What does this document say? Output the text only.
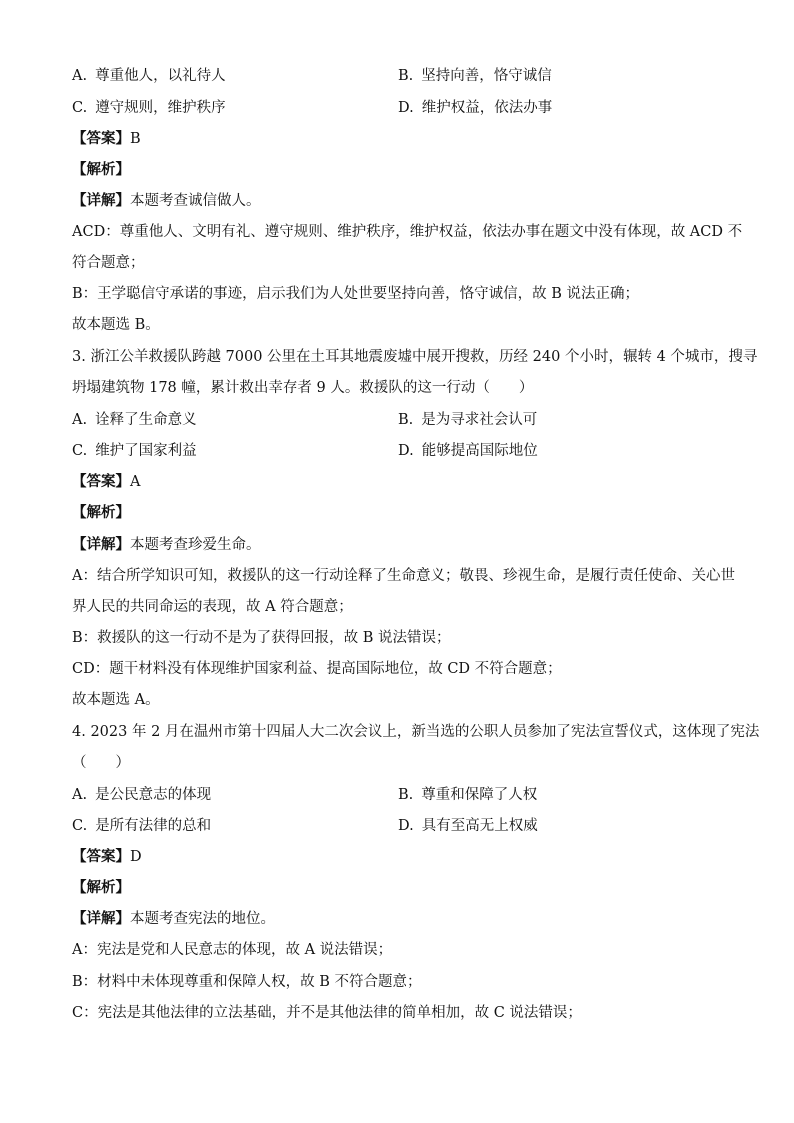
A. 尊重他人，以礼待人	B. 坚持向善，恪守诚信
C. 遵守规则，维护秩序	D. 维护权益，依法办事
【答案】B
【解析】
【详解】本题考查诚信做人。
ACD：尊重他人、文明有礼、遵守规则、维护秩序，维护权益，依法办事在题文中没有体现，故 ACD 不
符合题意；
B：王学聪信守承诺的事迹，启示我们为人处世要坚持向善，恪守诚信，故 B 说法正确；
故本题选 B。
3. 浙江公羊救援队跨越 7000 公里在土耳其地震废墟中展开搜救，历经 240 个小时，辗转 4 个城市，搜寻
坍塌建筑物 178 幢，累计救出幸存者 9 人。救援队的这一行动（　　）
A. 诠释了生命意义	B. 是为寻求社会认可
C. 维护了国家利益	D. 能够提高国际地位
【答案】A
【解析】
【详解】本题考查珍爱生命。
A：结合所学知识可知，救援队的这一行动诠释了生命意义；敬畏、珍视生命，是履行责任使命、关心世
界人民的共同命运的表现，故 A 符合题意；
B：救援队的这一行动不是为了获得回报，故 B 说法错误；
CD：题干材料没有体现维护国家利益、提高国际地位，故 CD 不符合题意；
故本题选 A。
4. 2023 年 2 月在温州市第十四届人大二次会议上，新当选的公职人员参加了宪法宣誓仪式，这体现了宪法
（　　）
A. 是公民意志的体现	B. 尊重和保障了人权
C. 是所有法律的总和	D. 具有至高无上权威
【答案】D
【解析】
【详解】本题考查宪法的地位。
A：宪法是党和人民意志的体现，故 A 说法错误；
B：材料中未体现尊重和保障人权，故 B 不符合题意；
C：宪法是其他法律的立法基础，并不是其他法律的简单相加，故 C 说法错误；
